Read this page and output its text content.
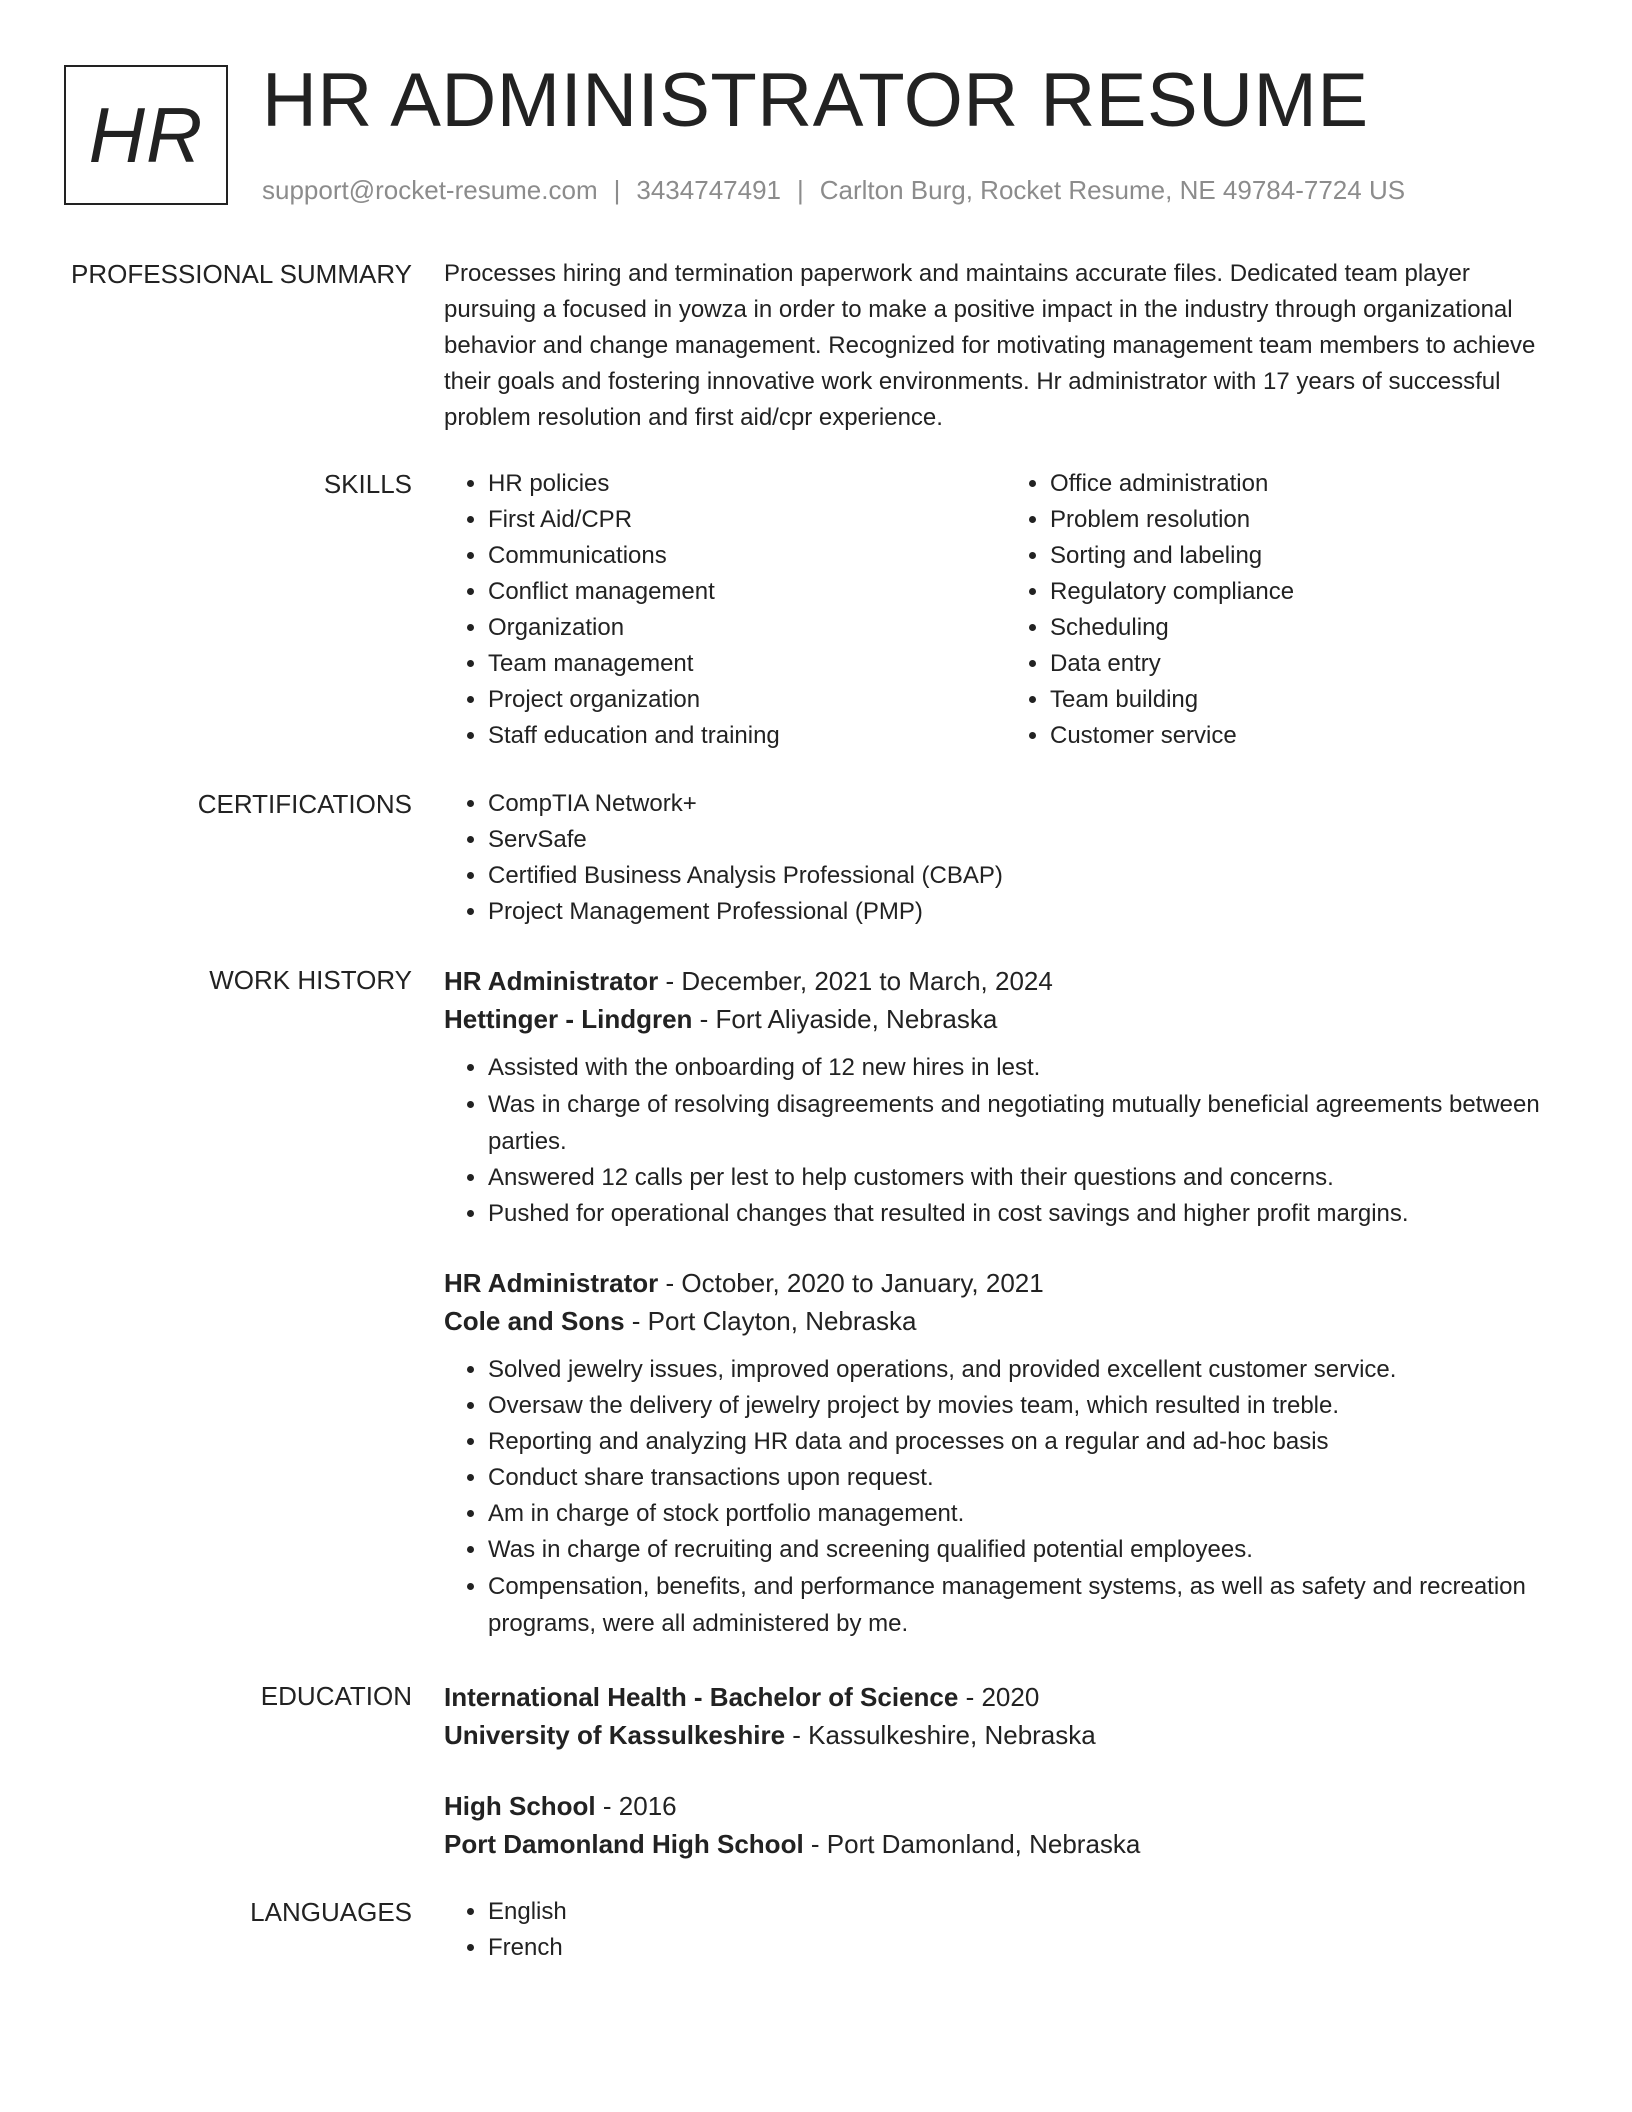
HR HR ADMINISTRATOR RESUME
support@rocket-resume.com | 3434747491 | Carlton Burg, Rocket Resume, NE 49784-7724 US
PROFESSIONAL SUMMARY Processes hiring and termination paperwork and maintains accurate files. Dedicated team player pursuing a focused in yowza in order to make a positive impact in the industry through organizational behavior and change management. Recognized for motivating management team members to achieve their goals and fostering innovative work environments. Hr administrator with 17 years of successful problem resolution and first aid/cpr experience.

SKILLS	• HR policies
• First Aid/CPR
• Communications
• Conflict management
• Organization
• Team management
• Project organization
• Staff education and training
• Office administration
• Problem resolution
• Sorting and labeling
• Regulatory compliance
• Scheduling
• Data entry
• Team building
• Customer service
CERTIFICATIONS	• CompTIA Network+
• ServSafe
• Certified Business Analysis Professional (CBAP)
• Project Management Professional (PMP)
WORK HISTORY HR Administrator - December, 2021 to March, 2024
Hettinger - Lindgren - Fort Aliyaside, Nebraska
• Assisted with the onboarding of 12 new hires in lest.
• Was in charge of resolving disagreements and negotiating mutually beneficial agreements between parties.
• Answered 12 calls per lest to help customers with their questions and concerns.
• Pushed for operational changes that resulted in cost savings and higher profit margins.
HR Administrator - October, 2020 to January, 2021
Cole and Sons - Port Clayton, Nebraska
• Solved jewelry issues, improved operations, and provided excellent customer service.
• Oversaw the delivery of jewelry project by movies team, which resulted in treble.
• Reporting and analyzing HR data and processes on a regular and ad-hoc basis
• Conduct share transactions upon request.
• Am in charge of stock portfolio management.
• Was in charge of recruiting and screening qualified potential employees.
• Compensation, benefits, and performance management systems, as well as safety and recreation programs, were all administered by me.
EDUCATION International Health - Bachelor of Science - 2020
University of Kassulkeshire - Kassulkeshire, Nebraska
High School - 2016
Port Damonland High School - Port Damonland, Nebraska
LANGUAGES	• English
• French
